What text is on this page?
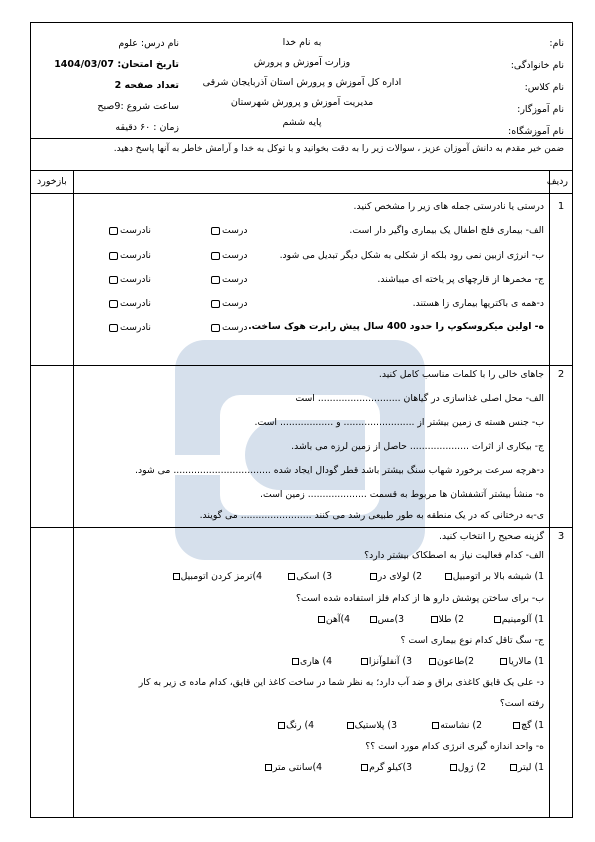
نام:
نام خانوادگی:
نام کلاس:
نام آموزگار:
نام آموزشگاه:
به نام خدا
وزارت آموزش و پرورش
اداره کل آموزش و پرورش استان آذربایجان شرقی
مدیریت آموزش و پرورش شهرستان
پایه ششم
نام درس: علوم
تاریخ امتحان: 1404/03/07
تعداد صفحه 2
ساعت شروع :9صبح
زمان : ۶۰ دقیقه
ضمن خیر مقدم به دانش آموزان عزیز ، سوالات زیر را به دقت بخوانید و با توکل به خدا و آرامش خاطر به آنها پاسخ دهید.
ردیف
بازخورد
1
درستی یا نادرستی جمله های زیر را مشخص کنید.
الف- بیماری فلج اطفال یک بیماری واگیر دار است.
درست
نادرست
ب- انرژی ازبین نمی رود بلکه از شکلی به شکل دیگر تبدیل می شود.
درست
نادرست
ج- مخمرها از قارچهای پر یاخته ای میباشند.
درست
نادرست
د-همه ی باکتریها بیماری زا هستند.
درست
نادرست
ه- اولین میکروسکوپ را حدود 400 سال پیش رابرت هوک ساخت.
درست
نادرست
2
جاهای خالی را با کلمات مناسب کامل کنید.
الف- محل اصلی غذاسازی در گیاهان ............................ است
ب- جنس هسته ی زمین بیشتر از ........................ و .................. است.
ج- بیکاری از اثرات .................... حاصل از زمین لرزه می باشد.
د-هرچه سرعت برخورد شهاب سنگ بیشتر باشد قطر گودال ایجاد شده ................................. می شود.
ه- منشأ بیشتر آتشفشان ها مربوط به قسمت .................... زمین است.
ی-به درختانی که در یک منطقه به طور طبیعی رشد می کنند ........................ می گویند.
3
گزینه صحیح را انتخاب کنید.
الف- کدام فعالیت نیاز به اصطکاک بیشتر دارد؟
1) شیشه بالا بر اتومبیل
2) لولای در
3) اسکی
4)ترمز کردن اتومبیل
ب- برای ساختن پوشش دارو ها از کدام فلز استفاده شده است؟
1) آلومینیم
2) طلا
3)مس
4)آهن
ج- سگ تاقل کدام نوع بیماری است ؟
1) مالاریا
2)طاعون
3) آنفلوآنزا
4) هاری
د- علی یک قایق کاغذی براق و ضد آب دارد؛ به نظر شما در ساخت کاغذ این قایق، کدام ماده ی زیر به کار
رفته است؟
1) گچ
2) نشاسته
3) پلاستیک
4) رنگ
ه- واحد اندازه گیری انرژی کدام مورد است ؟؟
1) لیتر
2) ژول
3)کیلو گرم
4)سانتی متر
